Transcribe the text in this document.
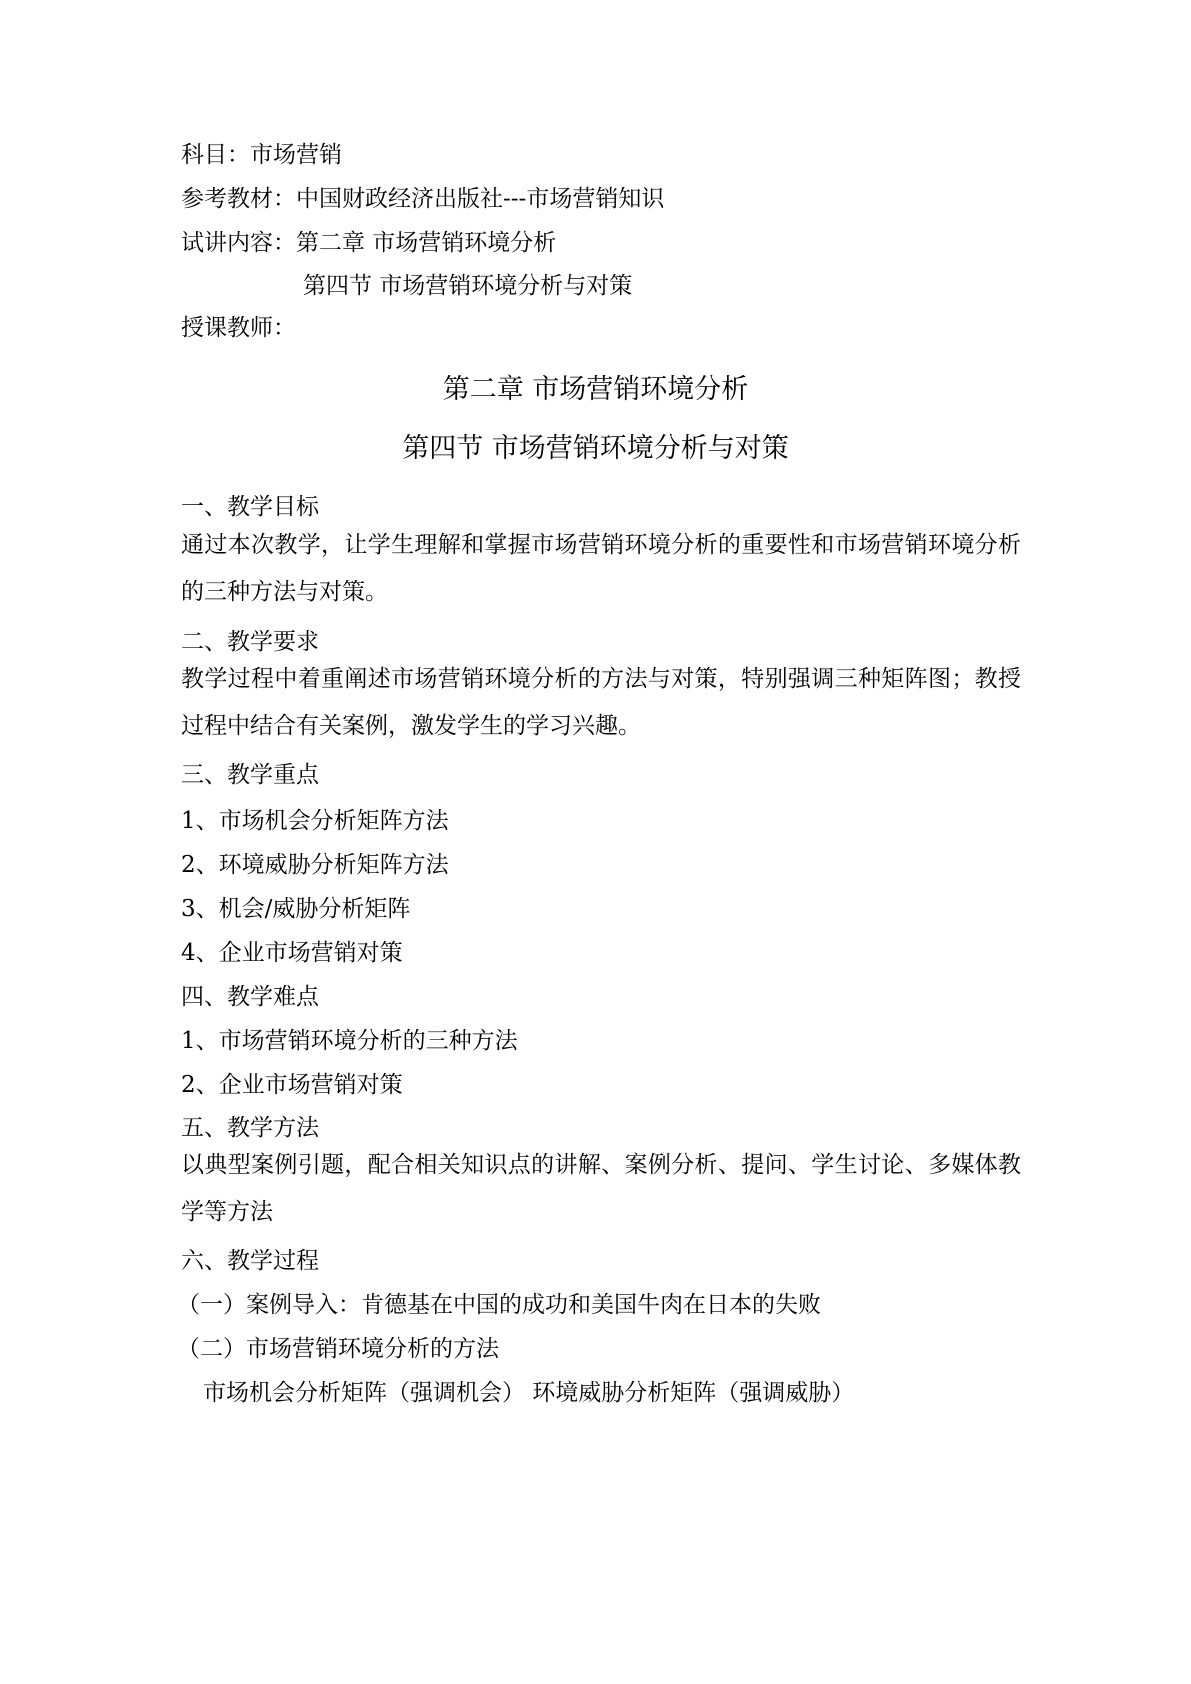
科目：市场营销
参考教材：中国财政经济出版社---市场营销知识
试讲内容：第二章 市场营销环境分析
第四节 市场营销环境分析与对策
授课教师：
第二章 市场营销环境分析
第四节 市场营销环境分析与对策
一、教学目标
通过本次教学，让学生理解和掌握市场营销环境分析的重要性和市场营销环境分析的三种方法与对策。
二、教学要求
教学过程中着重阐述市场营销环境分析的方法与对策，特别强调三种矩阵图；教授过程中结合有关案例，激发学生的学习兴趣。
三、教学重点
1、市场机会分析矩阵方法
2、环境威胁分析矩阵方法
3、机会/威胁分析矩阵
4、企业市场营销对策
四、教学难点
1、市场营销环境分析的三种方法
2、企业市场营销对策
五、教学方法
以典型案例引题，配合相关知识点的讲解、案例分析、提问、学生讨论、多媒体教学等方法
六、教学过程
（一）案例导入：肯德基在中国的成功和美国牛肉在日本的失败
（二）市场营销环境分析的方法
市场机会分析矩阵（强调机会） 环境威胁分析矩阵（强调威胁）
